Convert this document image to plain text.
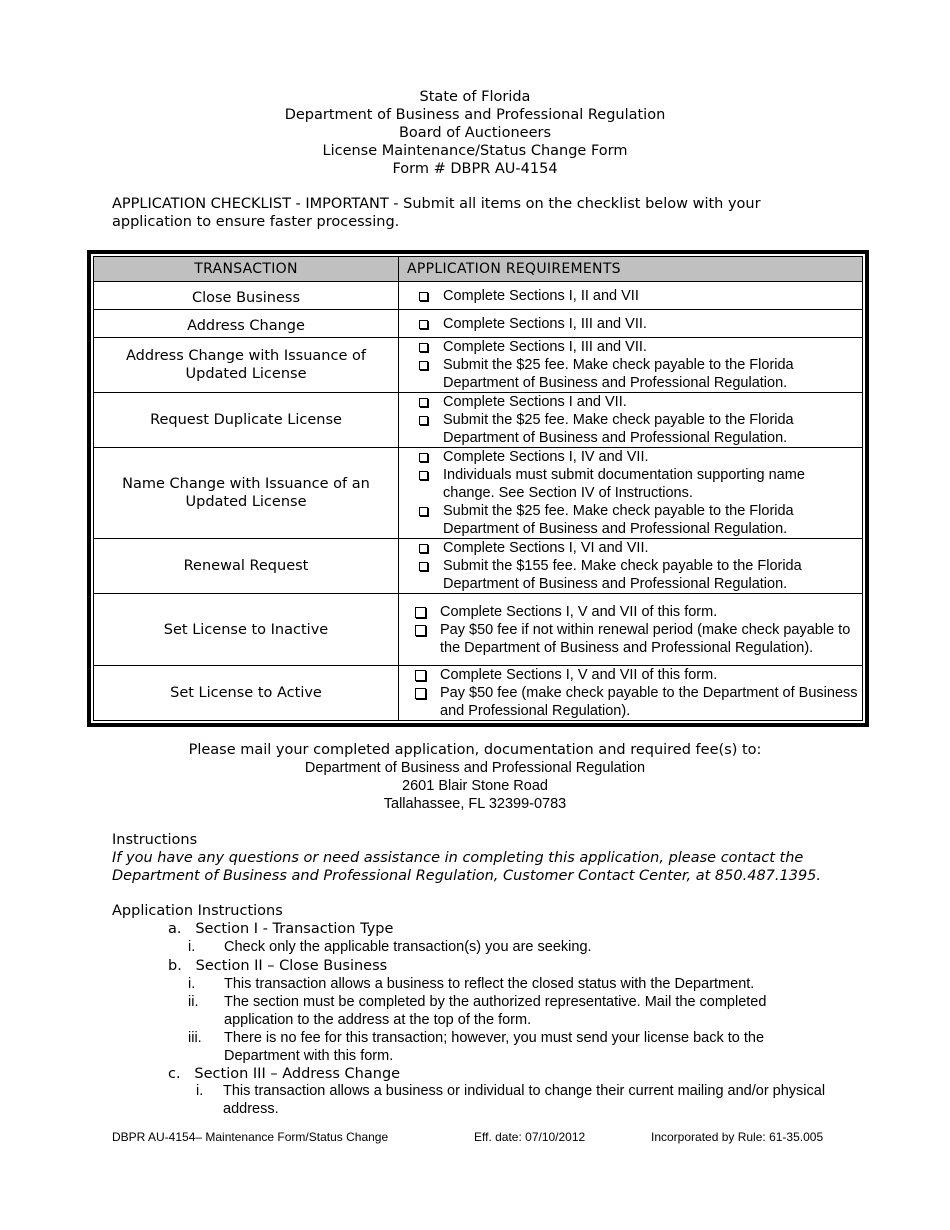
State of Florida
Department of Business and Professional Regulation
Board of Auctioneers
License Maintenance/Status Change Form
Form # DBPR AU-4154
APPLICATION CHECKLIST - IMPORTANT - Submit all items on the checklist below with your application to ensure faster processing.
TRANSACTION	APPLICATION REQUIREMENTS
Close Business	Complete Sections I, II and VII

Address Change	Complete Sections I, III and VII.

Address Change with Issuance of Updated License	Complete Sections I, III and VII.
Submit the $25 fee. Make check payable to the Florida Department of Business and Professional Regulation.

Request Duplicate License	Complete Sections I and VII.
Submit the $25 fee. Make check payable to the Florida Department of Business and Professional Regulation.

Name Change with Issuance of an Updated License	Complete Sections I, IV and VII.
Individuals must submit documentation supporting name change. See Section IV of Instructions.
Submit the $25 fee. Make check payable to the Florida Department of Business and Professional Regulation.

Renewal Request	Complete Sections I, VI and VII.
Submit the $155 fee. Make check payable to the Florida Department of Business and Professional Regulation.

Set License to Inactive	Complete Sections I, V and VII of this form.
Pay $50 fee if not within renewal period (make check payable to the Department of Business and Professional Regulation).

Set License to Active	Complete Sections I, V and VII of this form.
Pay $50 fee (make check payable to the Department of Business and Professional Regulation).
Please mail your completed application, documentation and required fee(s) to:
Department of Business and Professional Regulation
2601 Blair Stone Road
Tallahassee, FL 32399-0783
Instructions
If you have any questions or need assistance in completing this application, please contact the Department of Business and Professional Regulation, Customer Contact Center, at 850.487.1395.
Application Instructions
a. Section I - Transaction Type
i.	Check only the applicable transaction(s) you are seeking.
b. Section II – Close Business
i.	This transaction allows a business to reflect the closed status with the Department.
ii.	The section must be completed by the authorized representative. Mail the completed application to the address at the top of the form.
iii.	There is no fee for this transaction; however, you must send your license back to the Department with this form.
c. Section III – Address Change
i.	This transaction allows a business or individual to change their current mailing and/or physical address.
DBPR AU-4154– Maintenance Form/Status Change	Eff. date: 07/10/2012	Incorporated by Rule: 61-35.005
